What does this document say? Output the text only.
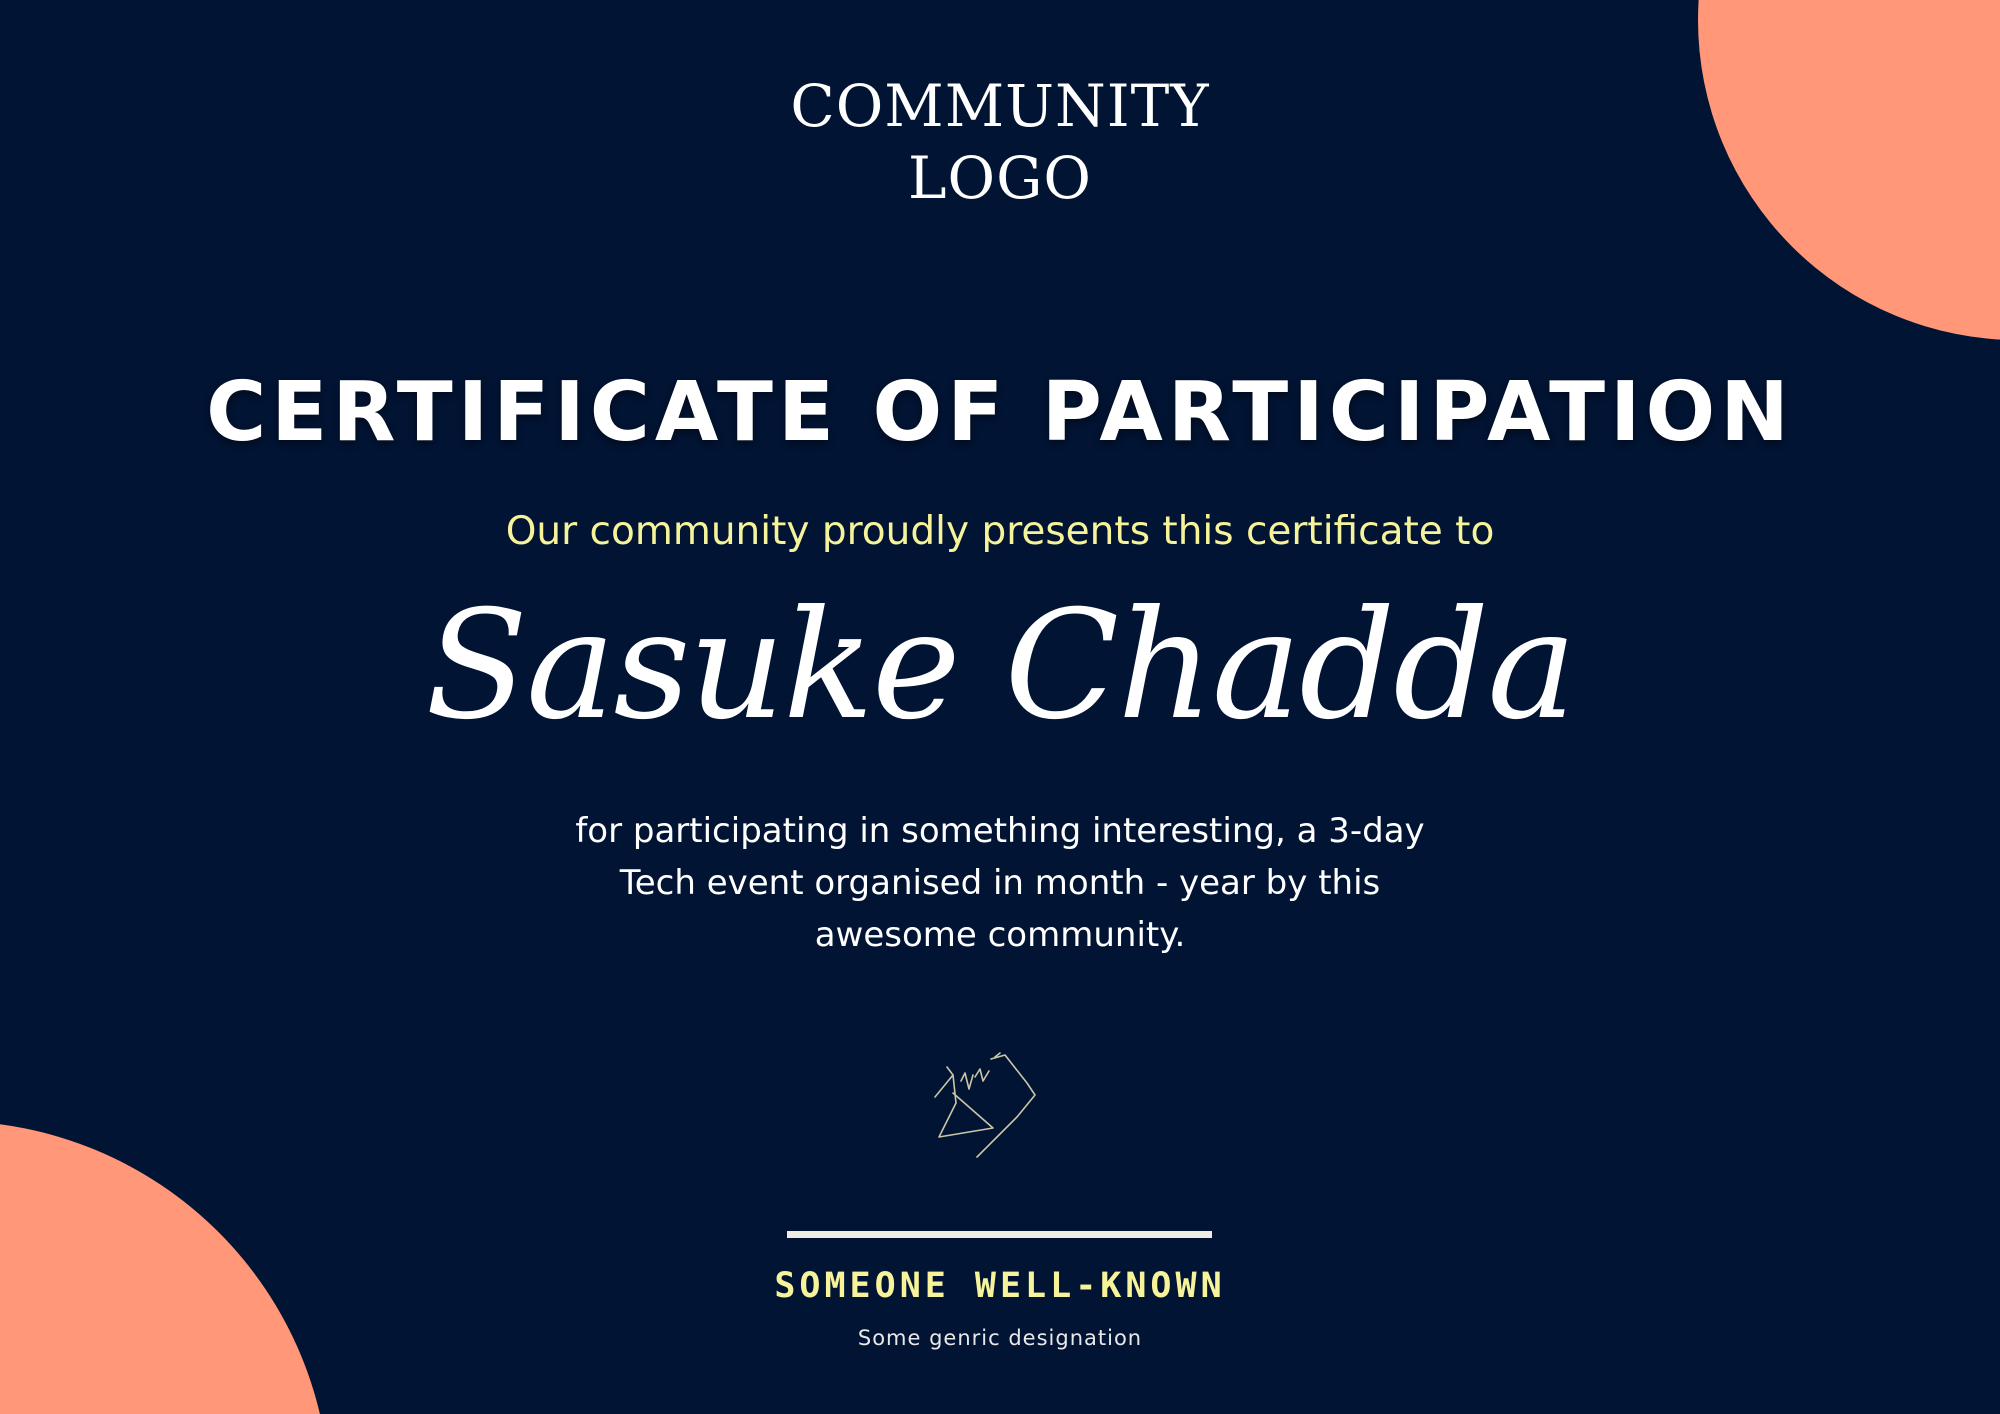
COMMUNITY
LOGO
CERTIFICATE OF PARTICIPATION
Our community proudly presents this certificate to
Sasuke Chadda
for participating in something interesting, a 3-day
Tech event organised in month - year by this
awesome community.
SOMEONE WELL-KNOWN
Some genric designation
